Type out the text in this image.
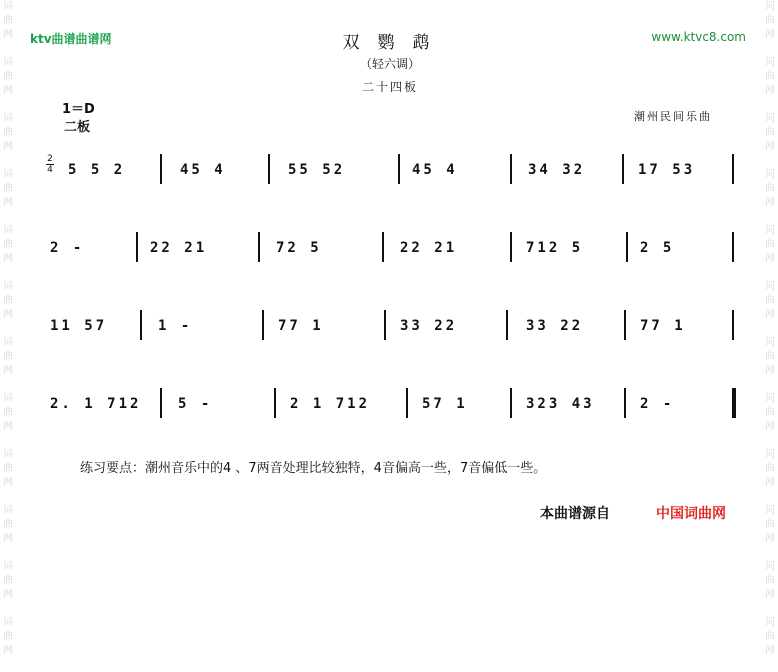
词
曲
网
词
曲
网
词
曲
网
词
曲
网
词
曲
网
词
曲
网
词
曲
网
词
曲
网
词
曲
网
词
曲
网
词
曲
网
词
曲
网
词
曲
网
词
曲
网
词
曲
网
词
曲
网
词
曲
网
词
曲
网
词
曲
网
词
曲
网
词
曲
网
词
曲
网
词
曲
网
词
曲
网
ktv曲谱曲谱网	www.ktvc8.com
双鹦鹉
（轻六调）
二十四板
1＝D
二板
潮州民间乐曲
2
4 5 5 2	45 4	55 52	45 4	34 32	17 53
2 -	22 21	72 5	22 21	712 5	2 5
11 57	1 -	77 1	33 22	33 22	77 1
2. 1 712	5 -	2 1 712	57 1	323 43	2 -
练习要点：潮州音乐中的4 、7两音处理比较独特，4音偏高一些，7音偏低一些。
本曲谱源自	中国词曲网
